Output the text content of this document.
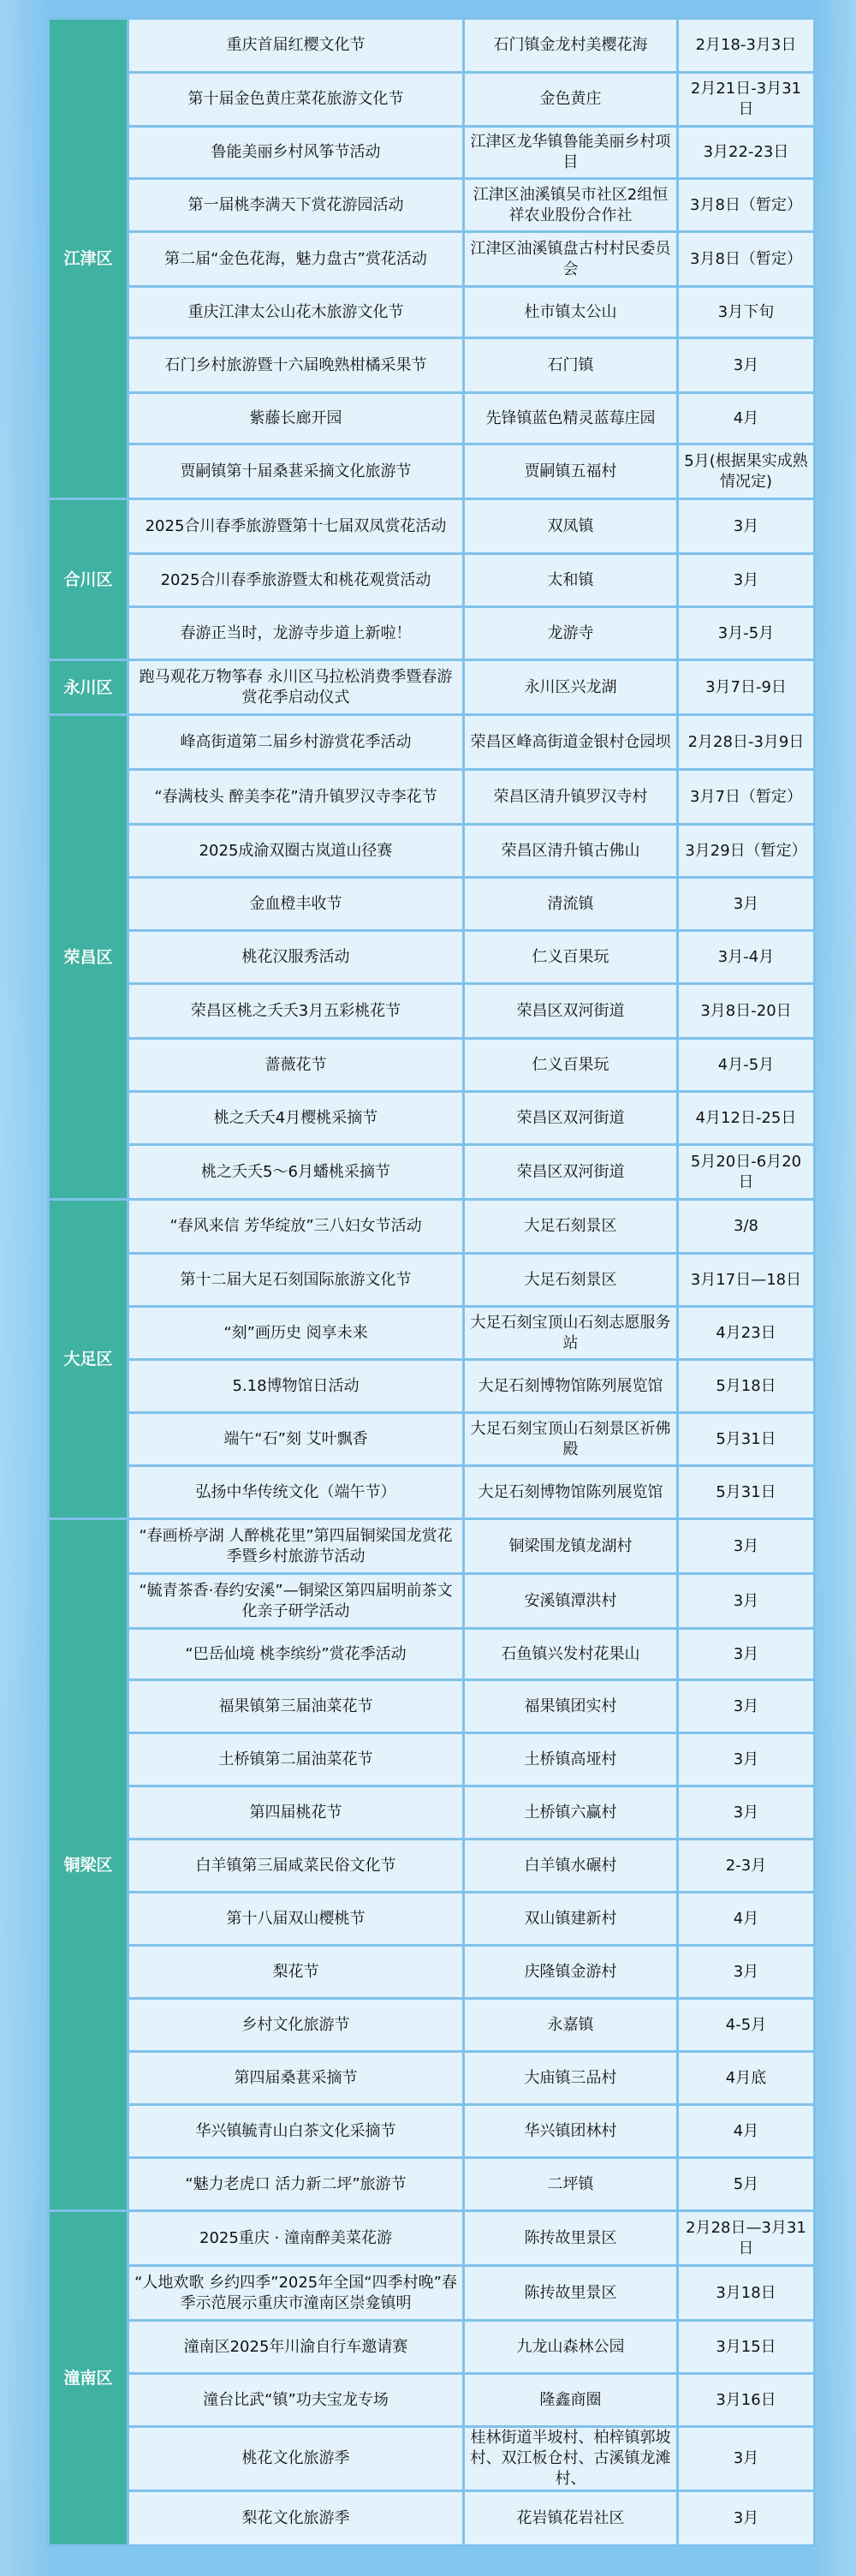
江津区	重庆首届红樱文化节	石门镇金龙村美樱花海	2月18-3月3日
	第十届金色黄庄菜花旅游文化节	金色黄庄	2月21日-3月31日
	鲁能美丽乡村风筝节活动	江津区龙华镇鲁能美丽乡村项目	3月22-23日
	第一届桃李满天下赏花游园活动	江津区油溪镇吴市社区2组恒祥农业股份合作社	3月8日（暂定）
	第二届“金色花海，魅力盘古”赏花活动	江津区油溪镇盘古村村民委员会	3月8日（暂定）
	重庆江津太公山花木旅游文化节	杜市镇太公山	3月下旬
	石门乡村旅游暨十六届晚熟柑橘采果节	石门镇	3月
	紫藤长廊开园	先锋镇蓝色精灵蓝莓庄园	4月
	贾嗣镇第十届桑葚采摘文化旅游节	贾嗣镇五福村	5月(根据果实成熟情况定)
合川区	2025合川春季旅游暨第十七届双凤赏花活动	双凤镇	3月
	2025合川春季旅游暨太和桃花观赏活动	太和镇	3月
	春游正当时，龙游寺步道上新啦！	龙游寺	3月-5月
永川区	跑马观花万物筝春 永川区马拉松消费季暨春游赏花季启动仪式	永川区兴龙湖	3月7日-9日
荣昌区	峰高街道第二届乡村游赏花季活动	荣昌区峰高街道金银村仓园坝	2月28日-3月9日
	“春满枝头 醉美李花”清升镇罗汉寺李花节	荣昌区清升镇罗汉寺村	3月7日（暂定）
	2025成渝双圈古岚道山径赛	荣昌区清升镇古佛山	3月29日（暂定）
	金血橙丰收节	清流镇	3月
	桃花汉服秀活动	仁义百果玩	3月-4月
	荣昌区桃之夭夭3月五彩桃花节	荣昌区双河街道	3月8日-20日
	蔷薇花节	仁义百果玩	4月-5月
	桃之夭夭4月樱桃采摘节	荣昌区双河街道	4月12日-25日
	桃之夭夭5～6月蟠桃采摘节	荣昌区双河街道	5月20日-6月20日
大足区	“春风来信 芳华绽放”三八妇女节活动	大足石刻景区	3/8
	第十二届大足石刻国际旅游文化节	大足石刻景区	3月17日—18日
	“刻”画历史 阅享未来	大足石刻宝顶山石刻志愿服务站	4月23日
	5.18博物馆日活动	大足石刻博物馆陈列展览馆	5月18日
	端午“石”刻 艾叶飘香	大足石刻宝顶山石刻景区祈佛殿	5月31日
	弘扬中华传统文化（端午节）	大足石刻博物馆陈列展览馆	5月31日
铜梁区	“春画桥亭湖 人醉桃花里”第四届铜梁国龙赏花季暨乡村旅游节活动	铜梁围龙镇龙湖村	3月
	“毓青茶香·春约安溪”—铜梁区第四届明前茶文化亲子研学活动	安溪镇潭洪村	3月
	“巴岳仙境 桃李缤纷”赏花季活动	石鱼镇兴发村花果山	3月
	福果镇第三届油菜花节	福果镇团实村	3月
	土桥镇第二届油菜花节	土桥镇高垭村	3月
	第四届桃花节	土桥镇六赢村	3月
	白羊镇第三届咸菜民俗文化节	白羊镇水碾村	2-3月
	第十八届双山樱桃节	双山镇建新村	4月
	梨花节	庆隆镇金游村	3月
	乡村文化旅游节	永嘉镇	4-5月
	第四届桑葚采摘节	大庙镇三品村	4月底
	华兴镇毓青山白茶文化采摘节	华兴镇团林村	4月
	“魅力老虎口 活力新二坪”旅游节	二坪镇	5月
潼南区	2025重庆 · 潼南醉美菜花游	陈抟故里景区	2月28日—3月31日
	“人地欢歌 乡约四季”2025年全国“四季村晚”春季示范展示重庆市潼南区崇龛镇明	陈抟故里景区	3月18日
	潼南区2025年川渝自行车邀请赛	九龙山森林公园	3月15日
	潼台比武“镇”功夫宝龙专场	隆鑫商圈	3月16日
	桃花文化旅游季	桂林街道半坡村、柏梓镇郭坡村、双江板仓村、古溪镇龙滩村、	3月
	梨花文化旅游季	花岩镇花岩社区	3月
